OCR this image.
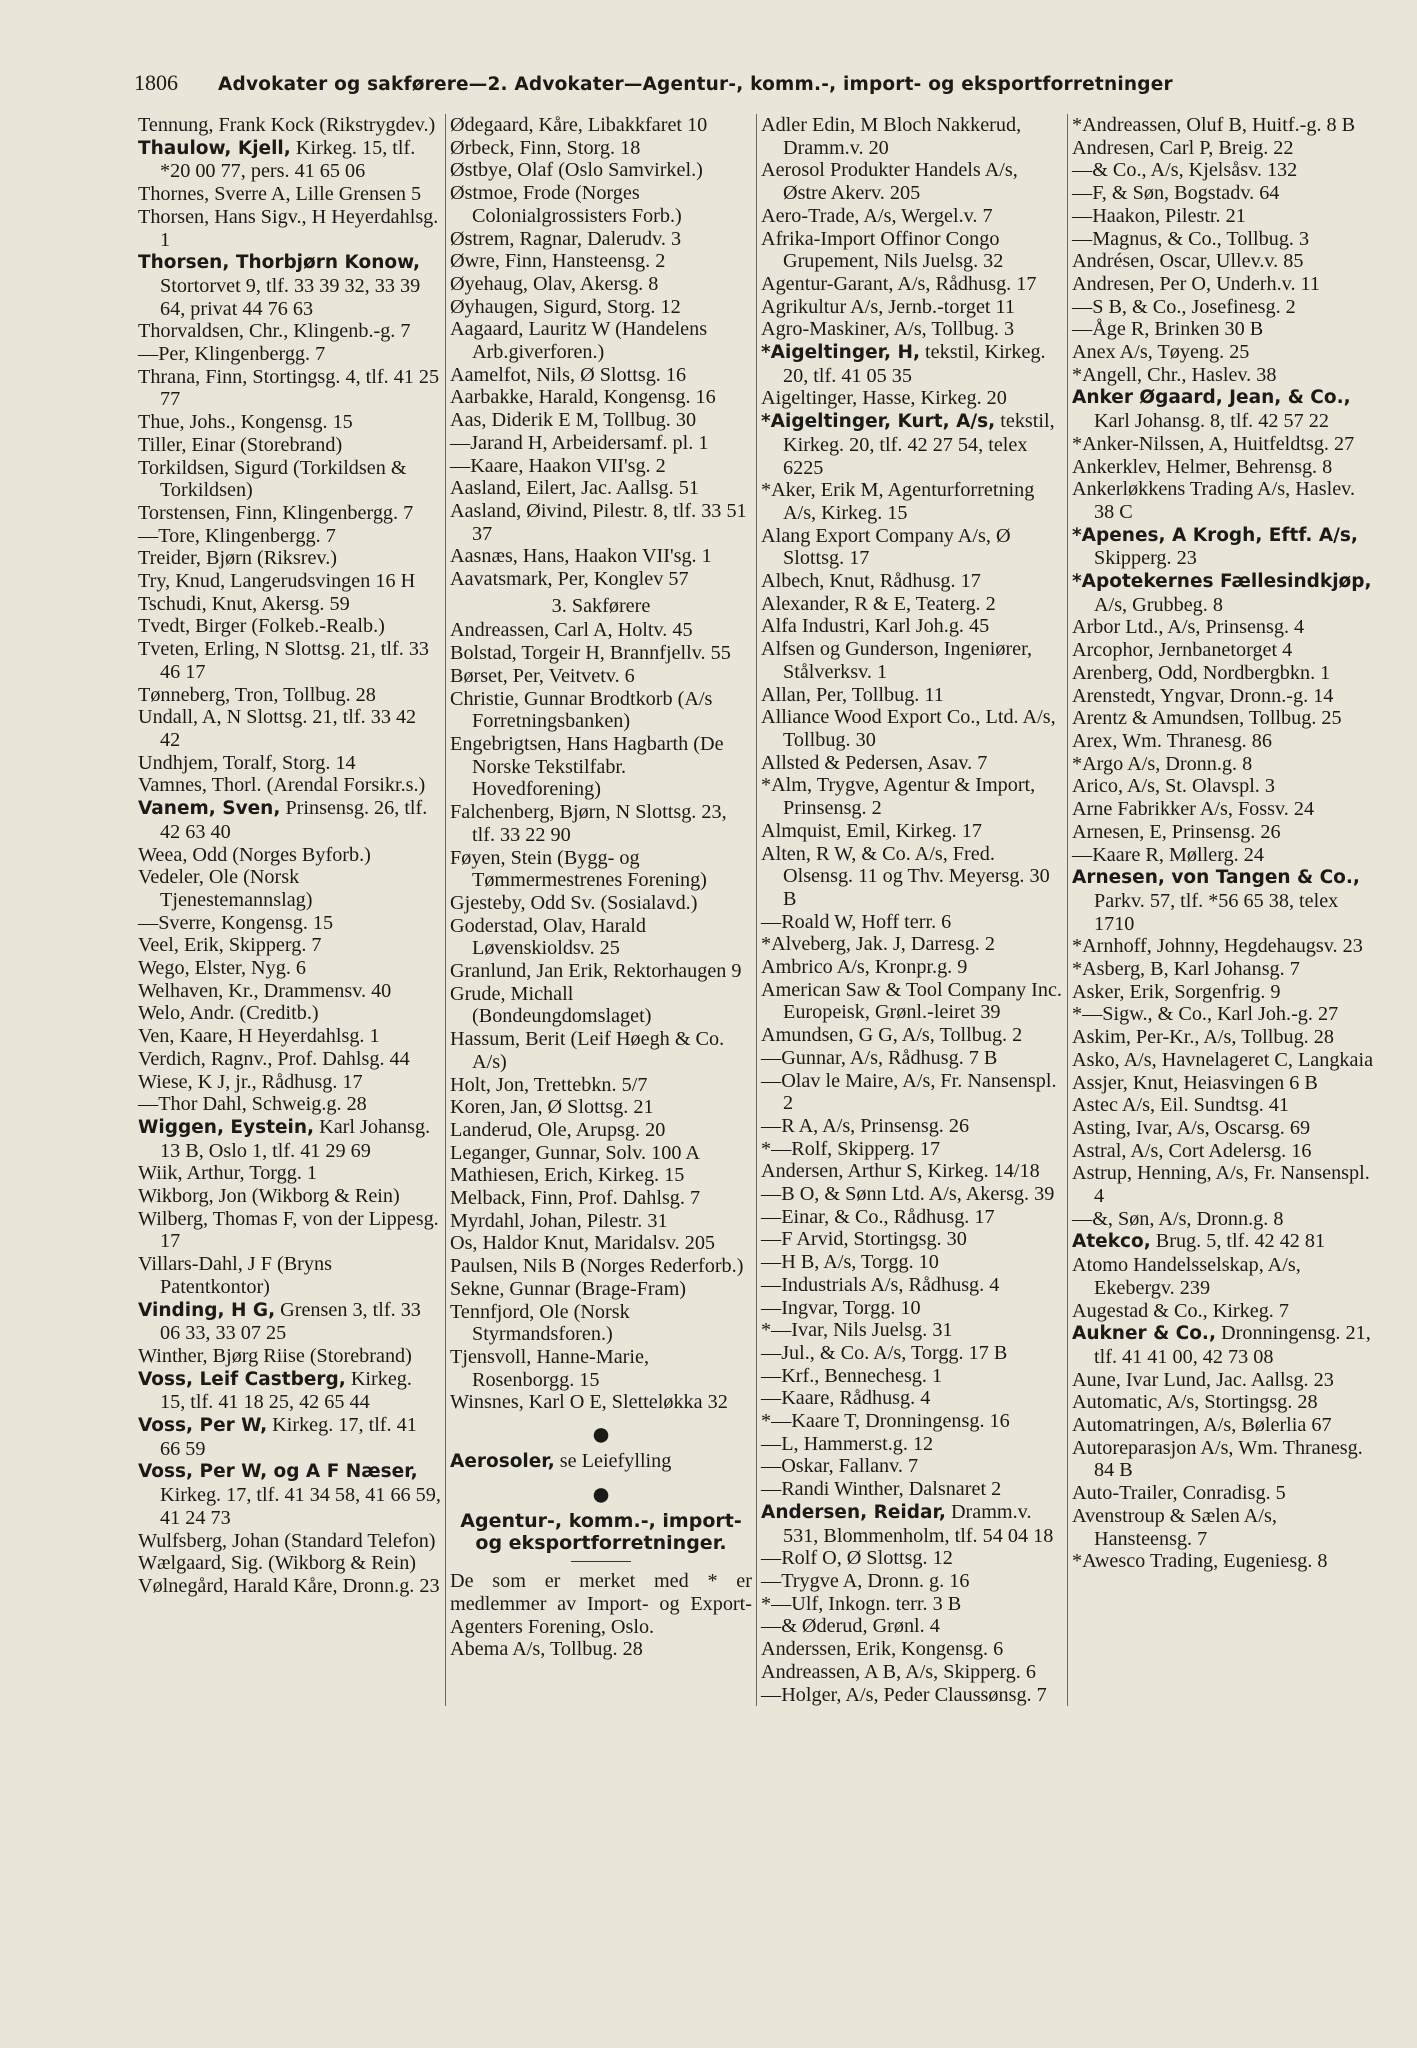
1806 Advokater og sakførere—2. Advokater—Agentur-, komm.-, import- og eksportforretninger
Tennung, Frank Kock (Rikstrygdev.)
Thaulow, Kjell, Kirkeg. 15, tlf. *20 00 77, pers. 41 65 06
Thornes, Sverre A, Lille Grensen 5
Thorsen, Hans Sigv., H Heyerdahlsg. 1
Thorsen, Thorbjørn Konow, Stortorvet 9, tlf. 33 39 32, 33 39 64, privat 44 76 63
Thorvaldsen, Chr., Klingenb.-g. 7
—Per, Klingenbergg. 7
Thrana, Finn, Stortingsg. 4, tlf. 41 25 77
Thue, Johs., Kongensg. 15
Tiller, Einar (Storebrand)
Torkildsen, Sigurd (Torkildsen & Torkildsen)
Torstensen, Finn, Klingenbergg. 7
—Tore, Klingenbergg. 7
Treider, Bjørn (Riksrev.)
Try, Knud, Langerudsvingen 16 H
Tschudi, Knut, Akersg. 59
Tvedt, Birger (Folkeb.-Realb.)
Tveten, Erling, N Slottsg. 21, tlf. 33 46 17
Tønneberg, Tron, Tollbug. 28
Undall, A, N Slottsg. 21, tlf. 33 42 42
Undhjem, Toralf, Storg. 14
Vamnes, Thorl. (Arendal Forsikr.s.)
Vanem, Sven, Prinsensg. 26, tlf. 42 63 40
Weea, Odd (Norges Byforb.)
Vedeler, Ole (Norsk Tjenestemannslag)
—Sverre, Kongensg. 15
Veel, Erik, Skipperg. 7
Wego, Elster, Nyg. 6
Welhaven, Kr., Drammensv. 40
Welo, Andr. (Creditb.)
Ven, Kaare, H Heyerdahlsg. 1
Verdich, Ragnv., Prof. Dahlsg. 44
Wiese, K J, jr., Rådhusg. 17
—Thor Dahl, Schweig.g. 28
Wiggen, Eystein, Karl Johansg. 13 B, Oslo 1, tlf. 41 29 69
Wiik, Arthur, Torgg. 1
Wikborg, Jon (Wikborg & Rein)
Wilberg, Thomas F, von der Lippesg. 17
Villars-Dahl, J F (Bryns Patentkontor)
Vinding, H G, Grensen 3, tlf. 33 06 33, 33 07 25
Winther, Bjørg Riise (Storebrand)
Voss, Leif Castberg, Kirkeg. 15, tlf. 41 18 25, 42 65 44
Voss, Per W, Kirkeg. 17, tlf. 41 66 59
Voss, Per W, og A F Næser, Kirkeg. 17, tlf. 41 34 58, 41 66 59, 41 24 73
Wulfsberg, Johan (Standard Telefon)
Wælgaard, Sig. (Wikborg & Rein)
Vølnegård, Harald Kåre, Dronn.g. 23
Ødegaard, Kåre, Libakkfaret 10
Ørbeck, Finn, Storg. 18
Østbye, Olaf (Oslo Samvirkel.)
Østmoe, Frode (Norges Colonialgrossisters Forb.)
Østrem, Ragnar, Dalerudv. 3
Øwre, Finn, Hansteensg. 2
Øyehaug, Olav, Akersg. 8
Øyhaugen, Sigurd, Storg. 12
Aagaard, Lauritz W (Handelens Arb.giverforen.)
Aamelfot, Nils, Ø Slottsg. 16
Aarbakke, Harald, Kongensg. 16
Aas, Diderik E M, Tollbug. 30
—Jarand H, Arbeidersamf. pl. 1
—Kaare, Haakon VII'sg. 2
Aasland, Eilert, Jac. Aallsg. 51
Aasland, Øivind, Pilestr. 8, tlf. 33 51 37
Aasnæs, Hans, Haakon VII'sg. 1
Aavatsmark, Per, Konglev 57
3. Sakførere
Andreassen, Carl A, Holtv. 45
Bolstad, Torgeir H, Brannfjellv. 55
Børset, Per, Veitvetv. 6
Christie, Gunnar Brodtkorb (A/s Forretningsbanken)
Engebrigtsen, Hans Hagbarth (De Norske Tekstilfabr. Hovedforening)
Falchenberg, Bjørn, N Slottsg. 23, tlf. 33 22 90
Føyen, Stein (Bygg- og Tømmermestrenes Forening)
Gjesteby, Odd Sv. (Sosialavd.)
Goderstad, Olav, Harald Løvenskioldsv. 25
Granlund, Jan Erik, Rektorhaugen 9
Grude, Michall (Bondeungdomslaget)
Hassum, Berit (Leif Høegh & Co. A/s)
Holt, Jon, Trettebkn. 5/7
Koren, Jan, Ø Slottsg. 21
Landerud, Ole, Arupsg. 20
Leganger, Gunnar, Solv. 100 A
Mathiesen, Erich, Kirkeg. 15
Melback, Finn, Prof. Dahlsg. 7
Myrdahl, Johan, Pilestr. 31
Os, Haldor Knut, Maridalsv. 205
Paulsen, Nils B (Norges Rederforb.)
Sekne, Gunnar (Brage-Fram)
Tennfjord, Ole (Norsk Styrmandsforen.)
Tjensvoll, Hanne-Marie, Rosenborgg. 15
Winsnes, Karl O E, Sletteløkka 32
●
Aerosoler, se Leiefylling
●
Agentur-, komm.-, import- og eksportforretninger.
De som er merket med * er medlemmer av Import- og Export-Agenters Forening, Oslo.
Abema A/s, Tollbug. 28
Adler Edin, M Bloch Nakkerud, Dramm.v. 20
Aerosol Produkter Handels A/s, Østre Akerv. 205
Aero-Trade, A/s, Wergel.v. 7
Afrika-Import Offinor Congo Grupement, Nils Juelsg. 32
Agentur-Garant, A/s, Rådhusg. 17
Agrikultur A/s, Jernb.-torget 11
Agro-Maskiner, A/s, Tollbug. 3
*Aigeltinger, H, tekstil, Kirkeg. 20, tlf. 41 05 35
Aigeltinger, Hasse, Kirkeg. 20
*Aigeltinger, Kurt, A/s, tekstil, Kirkeg. 20, tlf. 42 27 54, telex 6225
*Aker, Erik M, Agenturforretning A/s, Kirkeg. 15
Alang Export Company A/s, Ø Slottsg. 17
Albech, Knut, Rådhusg. 17
Alexander, R & E, Teaterg. 2
Alfa Industri, Karl Joh.g. 45
Alfsen og Gunderson, Ingeniører, Stålverksv. 1
Allan, Per, Tollbug. 11
Alliance Wood Export Co., Ltd. A/s, Tollbug. 30
Allsted & Pedersen, Asav. 7
*Alm, Trygve, Agentur & Import, Prinsensg. 2
Almquist, Emil, Kirkeg. 17
Alten, R W, & Co. A/s, Fred. Olsensg. 11 og Thv. Meyersg. 30 B
—Roald W, Hoff terr. 6
*Alveberg, Jak. J, Darresg. 2
Ambrico A/s, Kronpr.g. 9
American Saw & Tool Company Inc. Europeisk, Grønl.-leiret 39
Amundsen, G G, A/s, Tollbug. 2
—Gunnar, A/s, Rådhusg. 7 B
—Olav le Maire, A/s, Fr. Nansenspl. 2
—R A, A/s, Prinsensg. 26
*—Rolf, Skipperg. 17
Andersen, Arthur S, Kirkeg. 14/18
—B O, & Sønn Ltd. A/s, Akersg. 39
—Einar, & Co., Rådhusg. 17
—F Arvid, Stortingsg. 30
—H B, A/s, Torgg. 10
—Industrials A/s, Rådhusg. 4
—Ingvar, Torgg. 10
*—Ivar, Nils Juelsg. 31
—Jul., & Co. A/s, Torgg. 17 B
—Krf., Bennechesg. 1
—Kaare, Rådhusg. 4
*—Kaare T, Dronningensg. 16
—L, Hammerst.g. 12
—Oskar, Fallanv. 7
—Randi Winther, Dalsnaret 2
Andersen, Reidar, Dramm.v. 531, Blommenholm, tlf. 54 04 18
—Rolf O, Ø Slottsg. 12
—Trygve A, Dronn. g. 16
*—Ulf, Inkogn. terr. 3 B
—& Øderud, Grønl. 4
Anderssen, Erik, Kongensg. 6
Andreassen, A B, A/s, Skipperg. 6
—Holger, A/s, Peder Claussønsg. 7
*Andreassen, Oluf B, Huitf.-g. 8 B
Andresen, Carl P, Breig. 22
—& Co., A/s, Kjelsåsv. 132
—F, & Søn, Bogstadv. 64
—Haakon, Pilestr. 21
—Magnus, & Co., Tollbug. 3
Andrésen, Oscar, Ullev.v. 85
Andresen, Per O, Underh.v. 11
—S B, & Co., Josefinesg. 2
—Åge R, Brinken 30 B
Anex A/s, Tøyeng. 25
*Angell, Chr., Haslev. 38
Anker Øgaard, Jean, & Co., Karl Johansg. 8, tlf. 42 57 22
*Anker-Nilssen, A, Huitfeldtsg. 27
Ankerklev, Helmer, Behrensg. 8
Ankerløkkens Trading A/s, Haslev. 38 C
*Apenes, A Krogh, Eftf. A/s, Skipperg. 23
*Apotekernes Fællesindkjøp, A/s, Grubbeg. 8
Arbor Ltd., A/s, Prinsensg. 4
Arcophor, Jernbanetorget 4
Arenberg, Odd, Nordbergbkn. 1
Arenstedt, Yngvar, Dronn.-g. 14
Arentz & Amundsen, Tollbug. 25
Arex, Wm. Thranesg. 86
*Argo A/s, Dronn.g. 8
Arico, A/s, St. Olavspl. 3
Arne Fabrikker A/s, Fossv. 24
Arnesen, E, Prinsensg. 26
—Kaare R, Møllerg. 24
Arnesen, von Tangen & Co., Parkv. 57, tlf. *56 65 38, telex 1710
*Arnhoff, Johnny, Hegdehaugsv. 23
*Asberg, B, Karl Johansg. 7
Asker, Erik, Sorgenfrig. 9
*—Sigw., & Co., Karl Joh.-g. 27
Askim, Per-Kr., A/s, Tollbug. 28
Asko, A/s, Havnelageret C, Langkaia
Assjer, Knut, Heiasvingen 6 B
Astec A/s, Eil. Sundtsg. 41
Asting, Ivar, A/s, Oscarsg. 69
Astral, A/s, Cort Adelersg. 16
Astrup, Henning, A/s, Fr. Nansenspl. 4
—&, Søn, A/s, Dronn.g. 8
Atekco, Brug. 5, tlf. 42 42 81
Atomo Handelsselskap, A/s, Ekebergv. 239
Augestad & Co., Kirkeg. 7
Aukner & Co., Dronningensg. 21, tlf. 41 41 00, 42 73 08
Aune, Ivar Lund, Jac. Aallsg. 23
Automatic, A/s, Stortingsg. 28
Automatringen, A/s, Bølerlia 67
Autoreparasjon A/s, Wm. Thranesg. 84 B
Auto-Trailer, Conradisg. 5
Avenstroup & Sælen A/s, Hansteensg. 7
*Awesco Trading, Eugeniesg. 8
